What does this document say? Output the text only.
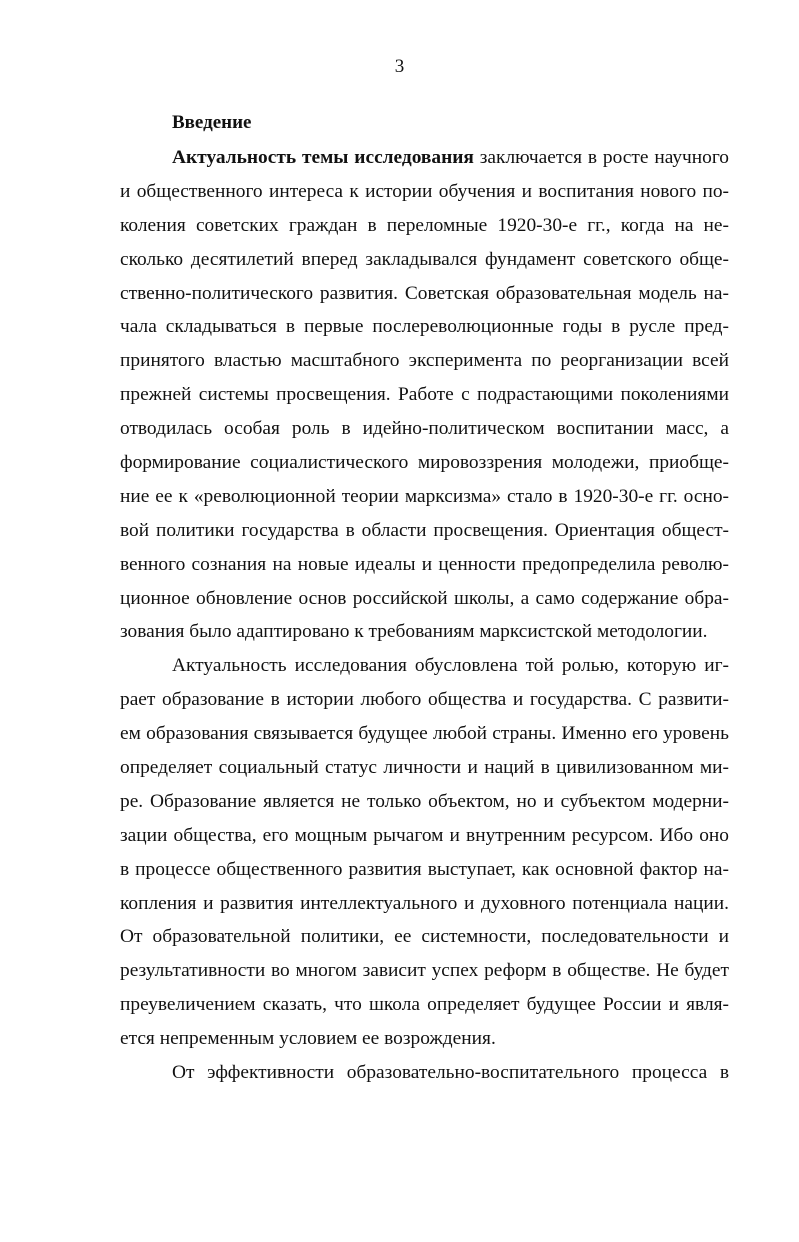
3
Введение
Актуальность темы исследования заключается в росте научного
и общественного интереса к истории обучения и воспитания нового по-
коления советских граждан в переломные 1920-30-е гг., когда на не-
сколько десятилетий вперед закладывался фундамент советского обще-
ственно-политического развития. Советская образовательная модель на-
чала складываться в первые послереволюционные годы в русле пред-
принятого властью масштабного эксперимента по реорганизации всей
прежней системы просвещения. Работе с подрастающими поколениями
отводилась особая роль в идейно-политическом воспитании масс, а
формирование социалистического мировоззрения молодежи, приобще-
ние ее к «революционной теории марксизма» стало в 1920-30-е гг. осно-
вой политики государства в области просвещения. Ориентация общест-
венного сознания на новые идеалы и ценности предопределила револю-
ционное обновление основ российской школы, а само содержание обра-
зования было адаптировано к требованиям марксистской методологии.
Актуальность исследования обусловлена той ролью, которую иг-
рает образование в истории любого общества и государства. С развити-
ем образования связывается будущее любой страны. Именно его уровень
определяет социальный статус личности и наций в цивилизованном ми-
ре. Образование является не только объектом, но и субъектом модерни-
зации общества, его мощным рычагом и внутренним ресурсом. Ибо оно
в процессе общественного развития выступает, как основной фактор на-
копления и развития интеллектуального и духовного потенциала нации.
От образовательной политики, ее системности, последовательности и
результативности во многом зависит успех реформ в обществе. Не будет
преувеличением сказать, что школа определяет будущее России и явля-
ется непременным условием ее возрождения.
От эффективности образовательно-воспитательного процесса в
